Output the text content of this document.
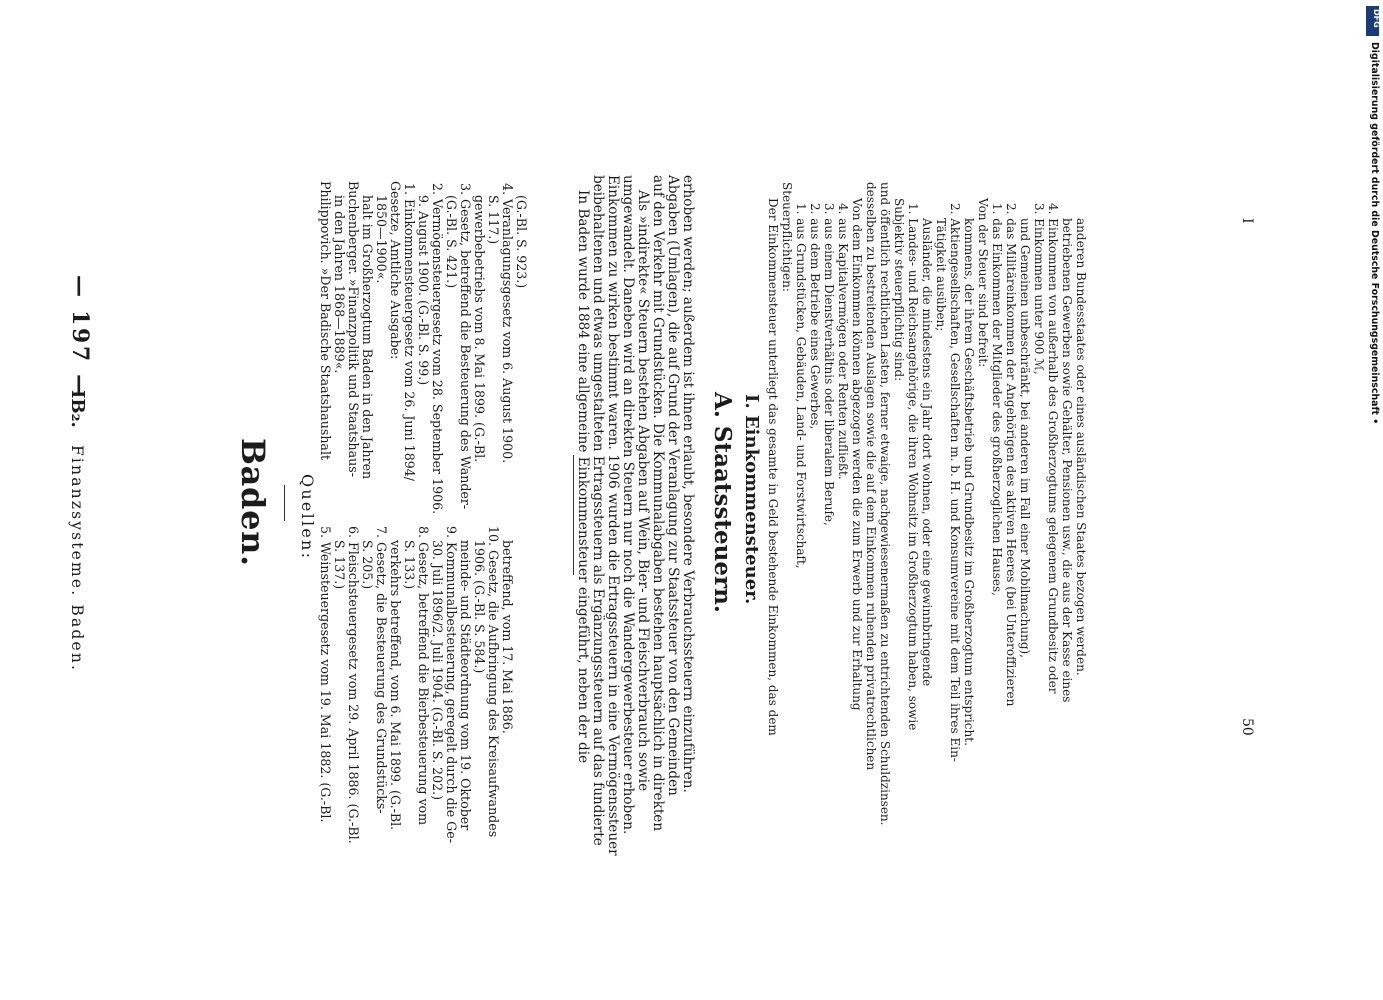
— 197 —
IB₂.
Finanzsysteme. Baden.	Baden. Quellen:
Philippovich. »Der Badische Staatshaushalt in den Jahren 1868—1889«. Buchenberger. »Finanzpolitik und Staatshaus- halt im Großherzogtum Baden in den Jahren 1850—1900«. Gesetze, Amtliche Ausgabe: 1. Einkommensteuergesetz vom 26. Juni 1894/ 9. August 1900. (G.-Bl. S. 99.) 2. Vermögensteuergesetz vom 28. September 1906. (G.-Bl. S. 421.) 3. Gesetz, betreffend die Besteuerung des Wander- gewerbebetriebs vom 8. Mai 1899. (G.-Bl. S. 117.) 4. Veranlagungsgesetz vom 6. August 1900. (G.-Bl. S. 923.)
5. Weinsteuergesetz vom 19. Mai 1882. (G.-Bl. S. 137.) 6. Fleischsteuergesetz vom 29. April 1886. (G.-Bl. S. 205.) 7. Gesetz, die Besteuerung des Grundstücks- verkehrs betreffend, vom 6. Mai 1899. (G.-Bl. S. 133.) 8. Gesetz, betreffend die Bierbesteuerung vom 30. Juli 1896/2. Juli 1904. (G.-Bl. S. 202.) 9. Kommunalbesteuerung, geregelt durch die Ge- meinde- und Städteordnung vom 19. Oktober 1906. (G.-Bl. S. 584.) 10. Gesetz, die Aufbringung des Kreisaufwandes betreffend, vom 17. Mai 1886.	In Baden wurde 1884 eine allgemeine Einkommensteuer eingeführt, neben der die beibehaltenen und etwas umgestalteten Ertragssteuern als Ergänzungssteuern auf das fundierte Einkommen zu wirken bestimmt waren. 1906 wurden die Ertragssteuern in eine Vermögenssteuer umgewandelt. Daneben wird an direkten Steuern nur noch die Wandergewerbesteuer erhoben. Als »indirekte« Steuern bestehen Abgaben auf Wein, Bier- und Fleischverbrauch sowie auf den Verkehr mit Grundstücken. Die Kommunalabgaben bestehen hauptsächlich in direkten Abgaben (Umlagen), die auf Grund der Veranlagung zur Staatssteuer von den Gemeinden erhoben werden; außerdem ist ihnen erlaubt, besondere Verbrauchssteuern einzuführen. A. Staatssteuern. I. Einkommensteuer. Der Einkommensteuer unterliegt das gesamte in Geld bestehende Einkommen, das dem Steuerpflichtigen: 1. aus Grundstücken, Gebäuden, Land- und Forstwirtschaft, 2. aus dem Betriebe eines Gewerbes, 3. aus einem Dienstverhältnis oder liberalem Berufe, 4. aus Kapitalvermögen oder Renten zufließt. Von dem Einkommen können abgezogen werden die zum Erwerb und zur Erhaltung desselben zu bestreitenden Auslagen sowie die auf dem Einkommen ruhenden privatrechtlichen und öffentlich rechtlichen Lasten, ferner etwaige, nachgewiesenermaßen zu entrichtenden Schuldzinsen. Subjektiv steuerpflichtig sind: 1. Landes- und Reichsangehörige, die ihren Wohnsitz im Großherzogtum haben, sowie Ausländer, die mindestens ein Jahr dort wohnen, oder eine gewinnbringende Tätigkeit ausüben; 2. Aktiengesellschaften, Gesellschaften m. b. H. und Konsumvereine mit dem Teil ihres Ein- kommens, der ihrem Geschäftsbetrieb und Grundbesitz im Großherzogtum entspricht. Von der Steuer sind befreit: 1. das Einkommen der Mitglieder des großherzoglichen Hauses, 2. das Militäreinkommen der Angehörigen des aktiven Heeres (bei Unteroffizieren und Gemeinen unbeschränkt, bei anderen im Fall einer Mobilmachung), 3. Einkommen unter 900 ℳ, 4. Einkommen von außerhalb des Großherzogtums gelegenem Grundbesitz oder betriebenen Gewerben sowie Gehälter, Pensionen usw., die aus der Kasse eines anderen Bundesstaates oder eines ausländischen Staates bezogen werden.	I
50
DFG
Digitalisierung gefördert durch die Deutsche Forschungsgemeinschaft •
